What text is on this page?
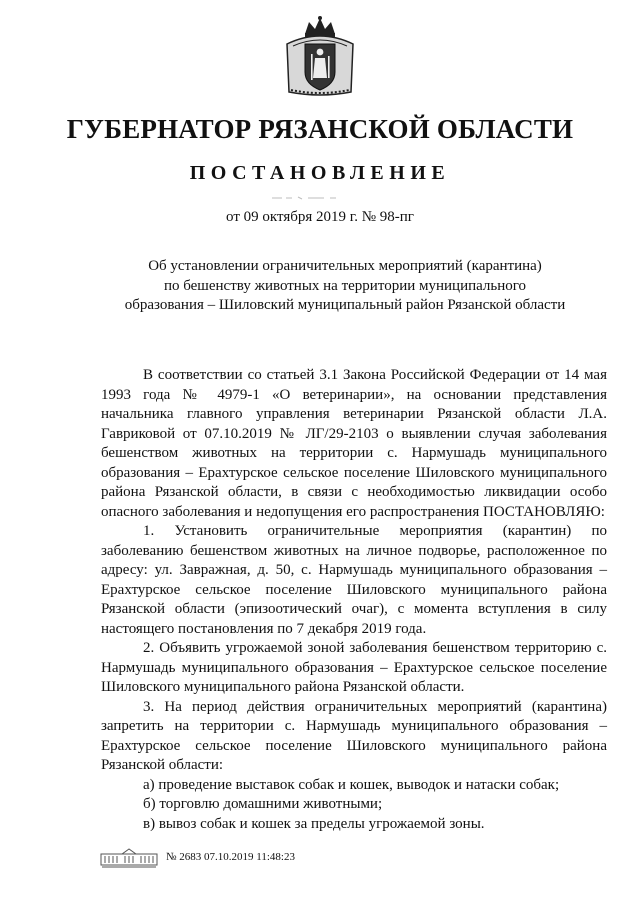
ГУБЕРНАТОР РЯЗАНСКОЙ ОБЛАСТИ
ПОСТАНОВЛЕНИЕ
от 09 октября 2019 г. № 98-пг
Об установлении ограничительных мероприятий (карантина)
по бешенству животных на территории муниципального
образования – Шиловский муниципальный район Рязанской области

В соответствии со статьей 3.1 Закона Российской Федерации от 14 мая 1993 года № 4979-1 «О ветеринарии», на основании представления начальника главного управления ветеринарии Рязанской области Л.А. Гавриковой от 07.10.2019 № ЛГ/29-2103 о выявлении случая заболевания бешенством животных на территории с. Нармушадь муниципального образования – Ерахтурское сельское поселение Шиловского муниципального района Рязанской области, в связи с необходимостью ликвидации особо опасного заболевания и недопущения его распространения ПОСТАНОВЛЯЮ:

1. Установить ограничительные мероприятия (карантин) по заболеванию бешенством животных на личное подворье, расположенное по адресу: ул. Завражная, д. 50, с. Нармушадь муниципального образования – Ерахтурское сельское поселение Шиловского муниципального района Рязанской области (эпизоотический очаг), с момента вступления в силу настоящего постановления по 7 декабря 2019 года.

2. Объявить угрожаемой зоной заболевания бешенством территорию с. Нармушадь муниципального образования – Ерахтурское сельское поселение Шиловского муниципального района Рязанской области.

3. На период действия ограничительных мероприятий (карантина) запретить на территории с. Нармушадь муниципального образования – Ерахтурское сельское поселение Шиловского муниципального района Рязанской области:

а) проведение выставок собак и кошек, выводок и натаски собак;

б) торговлю домашними животными;

в) вывоз собак и кошек за пределы угрожаемой зоны.

№ 2683 07.10.2019 11:48:23
